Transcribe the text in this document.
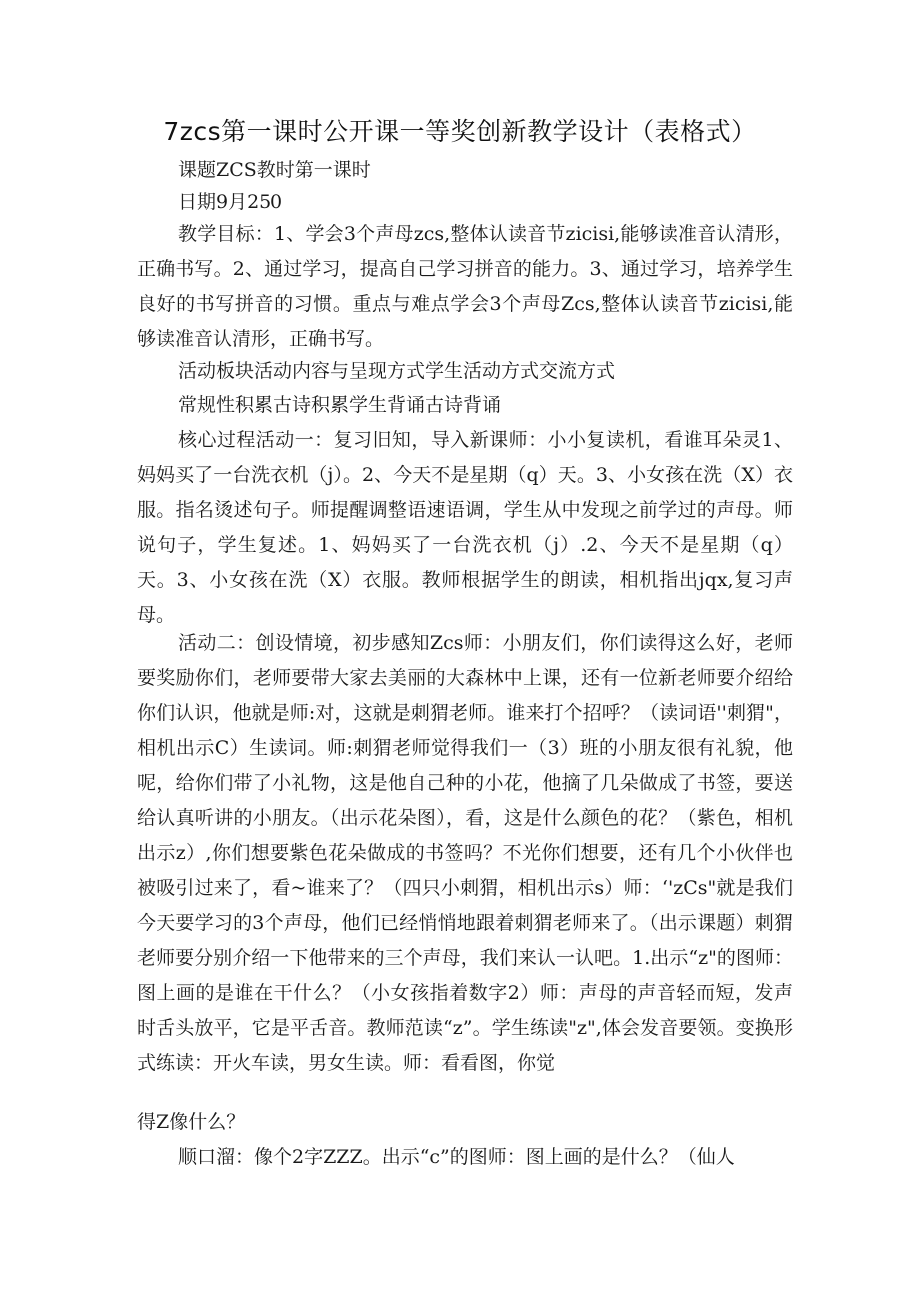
7zcs第一课时公开课一等奖创新教学设计（表格式）
课题ZCS教时第一课时
日期9月250

教学目标：1、学会3个声母zcs,整体认读音节zicisi,能够读准音认清形，正确书写。2、通过学习，提高自己学习拼音的能力。3、通过学习，培养学生良好的书写拼音的习惯。重点与难点学会3个声母Zcs,整体认读音节zicisi,能够读准音认清形，正确书写。

活动板块活动内容与呈现方式学生活动方式交流方式

常规性积累古诗积累学生背诵古诗背诵

核心过程活动一：复习旧知，导入新课师：小小复读机，看谁耳朵灵1、妈妈买了一台洗衣机（j）。2、今天不是星期（q）天。3、小女孩在洗（X）衣服。指名烫述句子。师提醒调整语速语调，学生从中发现之前学过的声母。师说句子，学生复述。1、妈妈买了一台洗衣机（j）.2、今天不是星期（q）天。3、小女孩在洗（X）衣服。教师根据学生的朗读，相机指出jqx,复习声母。

活动二：创设情境，初步感知Zcs师：小朋友们，你们读得这么好，老师要奖励你们，老师要带大家去美丽的大森林中上课，还有一位新老师要介绍给你们认识，他就是师:对，这就是刺猬老师。谁来打个招呼？（读词语''刺猬"，相机出示C）生读词。师:刺猬老师觉得我们一（3）班的小朋友很有礼貌，他呢，给你们带了小礼物，这是他自己种的小花，他摘了几朵做成了书签，要送给认真听讲的小朋友。（出示花朵图），看，这是什么颜色的花？（紫色，相机出示z）,你们想要紫色花朵做成的书签吗？不光你们想要，还有几个小伙伴也被吸引过来了，看~谁来了？（四只小刺猬，相机出示s）师：‘'zCs"就是我们今天要学习的3个声母，他们已经悄悄地跟着刺猬老师来了。（出示课题）刺猬老师要分别介绍一下他带来的三个声母，我们来认一认吧。1.出示“z"的图师：图上画的是谁在干什么？（小女孩指着数字2）师：声母的声音轻而短，发声时舌头放平，它是平舌音。教师范读“z”。学生练读"z",体会发音要领。变换形式练读：开火车读，男女生读。师：看看图，你觉

得Z像什么？

顺口溜：像个2字ZZZ。出示“c”的图师：图上画的是什么？（仙人
